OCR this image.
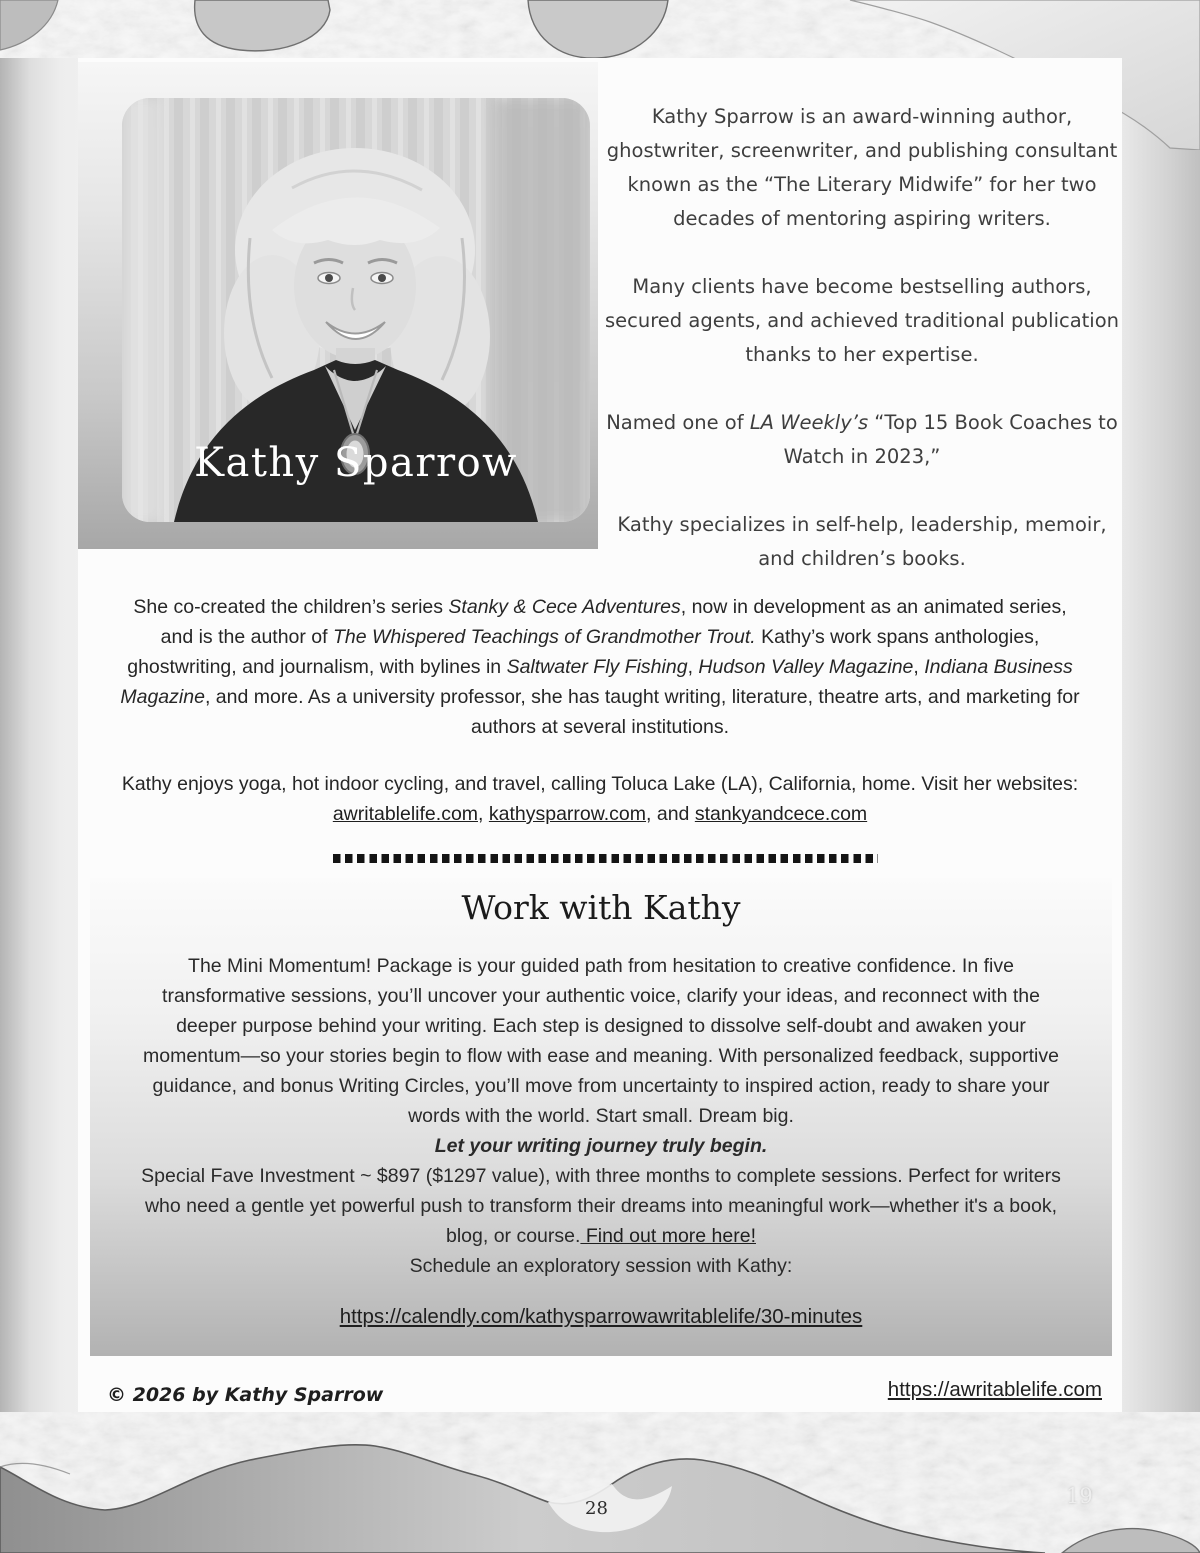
Kathy Sparrow

Kathy Sparrow is an award-winning author, ghostwriter, screenwriter, and publishing consultant known as the “The Literary Midwife” for her two decades of mentoring aspiring writers.

Many clients have become bestselling authors, secured agents, and achieved traditional publication thanks to her expertise.

Named one of LA Weekly’s “Top 15 Book Coaches to Watch in 2023,”

Kathy specializes in self-help, leadership, memoir, and children’s books.

She co-created the children’s series Stanky & Cece Adventures, now in development as an animated series, and is the author of The Whispered Teachings of Grandmother Trout. Kathy’s work spans anthologies, ghostwriting, and journalism, with bylines in Saltwater Fly Fishing, Hudson Valley Magazine, Indiana Business Magazine, and more. As a university professor, she has taught writing, literature, theatre arts, and marketing for authors at several institutions.

Kathy enjoys yoga, hot indoor cycling, and travel, calling Toluca Lake (LA), California, home. Visit her websites: awritablelife.com, kathysparrow.com, and stankyandcece.com

Work with Kathy
The Mini Momentum! Package is your guided path from hesitation to creative confidence. In five transformative sessions, you’ll uncover your authentic voice, clarify your ideas, and reconnect with the deeper purpose behind your writing. Each step is designed to dissolve self-doubt and awaken your momentum—so your stories begin to flow with ease and meaning. With personalized feedback, supportive guidance, and bonus Writing Circles, you’ll move from uncertainty to inspired action, ready to share your words with the world. Start small. Dream big.
Let your writing journey truly begin.
Special Fave Investment ~ $897 ($1297 value), with three months to complete sessions. Perfect for writers who need a gentle yet powerful push to transform their dreams into meaningful work—whether it's a book, blog, or course. Find out more here!
Schedule an exploratory session with Kathy:
https://calendly.com/kathysparrowawritablelife/30-minutes
© 2026 by Kathy Sparrow	https://awritablelife.com
28
19
